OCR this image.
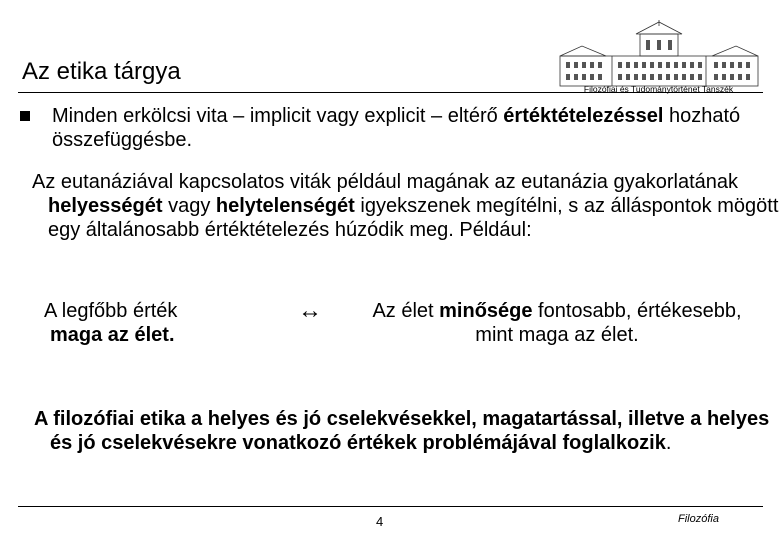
Az etika tárgya
Filozófiai és Tudománytörténet Tanszék

Minden erkölcsi vita – implicit vagy explicit – eltérő értéktételezéssel hozható összefüggésbe.

Az eutanáziával kapcsolatos viták például magának az eutanázia gyakorlatának helyességét vagy helytelenségét igyekszenek megítélni, s az álláspontok mögött egy általánosabb értéktételezés húzódik meg. Például:

A legfőbb érték
maga az élet.

↔	Az élet minősége fontosabb, értékesebb, mint maga az élet.

A filozófiai etika a helyes és jó cselekvésekkel, magatartással, illetve a helyes és jó cselekvésekre vonatkozó értékek problémájával foglalkozik.

4	Filozófia
